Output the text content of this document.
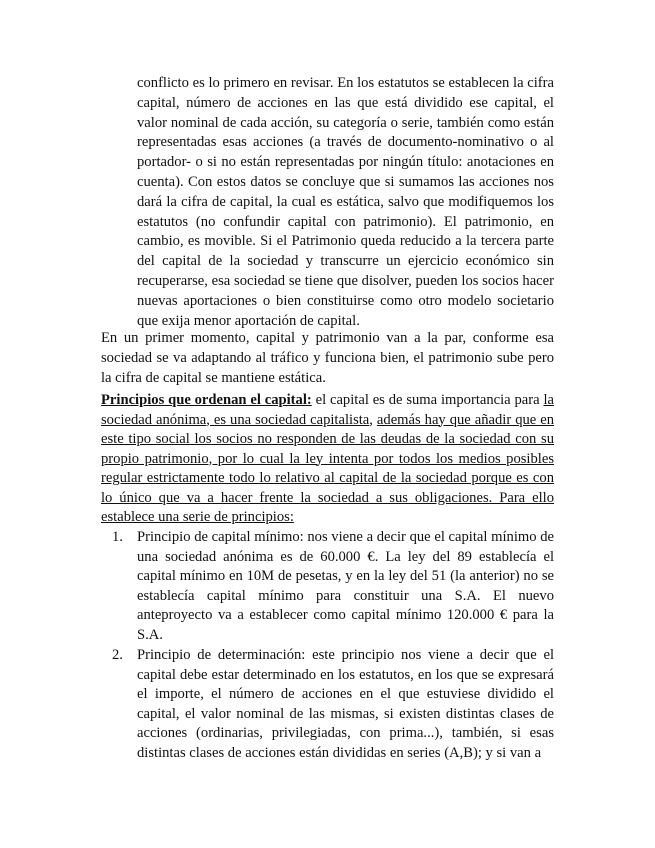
conflicto es lo primero en revisar. En los estatutos se establecen la cifra capital, número de acciones en las que está dividido ese capital, el valor nominal de cada acción, su categoría o serie, también como están representadas esas acciones (a través de documento-nominativo o al portador- o si no están representadas por ningún título: anotaciones en cuenta). Con estos datos se concluye que si sumamos las acciones nos dará la cifra de capital, la cual es estática, salvo que modifiquemos los estatutos (no confundir capital con patrimonio). El patrimonio, en cambio, es movible. Si el Patrimonio queda reducido a la tercera parte del capital de la sociedad y transcurre un ejercicio económico sin recuperarse, esa sociedad se tiene que disolver, pueden los socios hacer nuevas aportaciones o bien constituirse como otro modelo societario que exija menor aportación de capital.

En un primer momento, capital y patrimonio van a la par, conforme esa sociedad se va adaptando al tráfico y funciona bien, el patrimonio sube pero la cifra de capital se mantiene estática.

Principios que ordenan el capital: el capital es de suma importancia para la sociedad anónima, es una sociedad capitalista, además hay que añadir que en este tipo social los socios no responden de las deudas de la sociedad con su propio patrimonio, por lo cual la ley intenta por todos los medios posibles regular estrictamente todo lo relativo al capital de la sociedad porque es con lo único que va a hacer frente la sociedad a sus obligaciones. Para ello establece una serie de principios:

1. Principio de capital mínimo: nos viene a decir que el capital mínimo de una sociedad anónima es de 60.000 €. La ley del 89 establecía el capital mínimo en 10M de pesetas, y en la ley del 51 (la anterior) no se establecía capital mínimo para constituir una S.A. El nuevo anteproyecto va a establecer como capital mínimo 120.000 € para la S.A.
2. Principio de determinación: este principio nos viene a decir que el capital debe estar determinado en los estatutos, en los que se expresará el importe, el número de acciones en el que estuviese dividido el capital, el valor nominal de las mismas, si existen distintas clases de acciones (ordinarias, privilegiadas, con prima...), también, si esas distintas clases de acciones están divididas en series (A,B); y si van a
